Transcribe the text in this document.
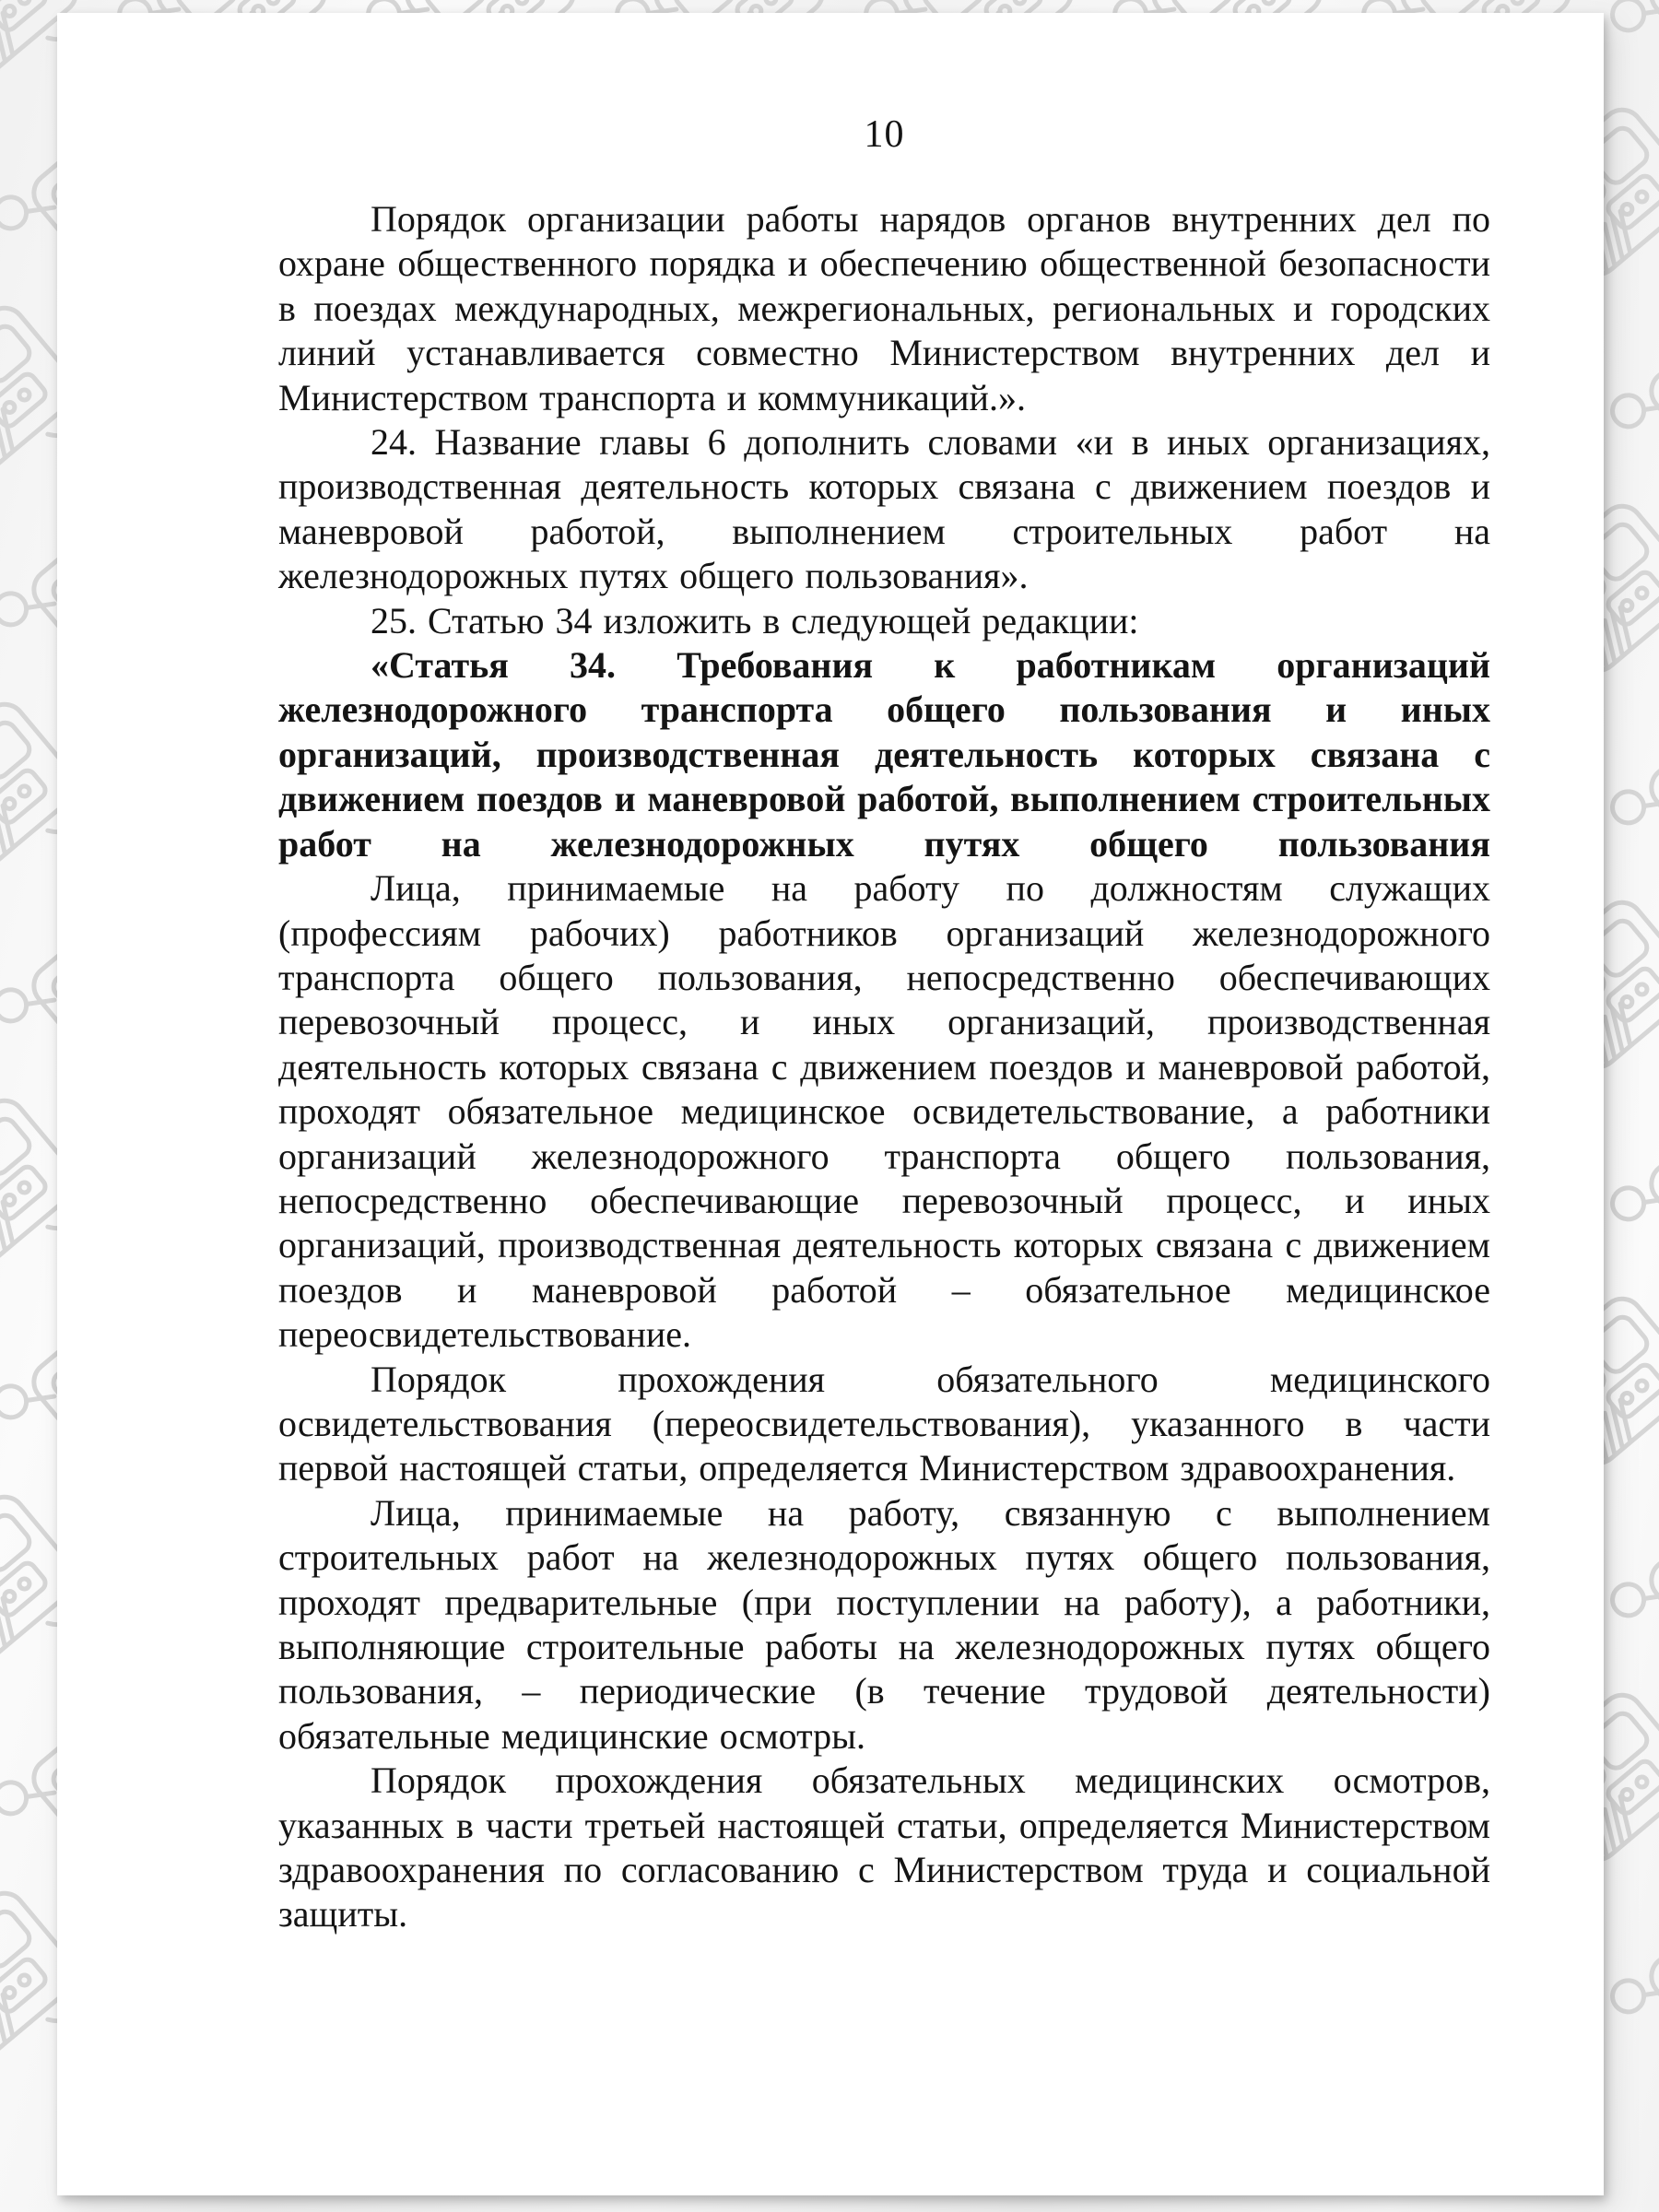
10

Порядок организации работы нарядов органов внутренних дел по охране общественного порядка и обеспечению общественной безопасности в поездах международных, межрегиональных, региональных и городских линий устанавливается совместно Министерством внутренних дел и Министерством транспорта и коммуникаций.».

24. Название главы 6 дополнить словами «и в иных организациях, производственная деятельность которых связана с движением поездов и маневровой работой, выполнением строительных работ на железнодорожных путях общего пользования».

25. Статью 34 изложить в следующей редакции:

«Статья 34. Требования к работникам организаций железнодорожного транспорта общего пользования и иных организаций, производственная деятельность которых связана с движением поездов и маневровой работой, выполнением строительных работ на железнодорожных путях общего пользования

Лица, принимаемые на работу по должностям служащих (профессиям рабочих) работников организаций железнодорожного транспорта общего пользования, непосредственно обеспечивающих перевозочный процесс, и иных организаций, производственная деятельность которых связана с движением поездов и маневровой работой, проходят обязательное медицинское освидетельствование, а работники организаций железнодорожного транспорта общего пользования, непосредственно обеспечивающие перевозочный процесс, и иных организаций, производственная деятельность которых связана с движением поездов и маневровой работой – обязательное медицинское переосвидетельствование.

Порядок прохождения обязательного медицинского освидетельствования (переосвидетельствования), указанного в части первой настоящей статьи, определяется Министерством здравоохранения.

Лица, принимаемые на работу, связанную с выполнением строительных работ на железнодорожных путях общего пользования, проходят предварительные (при поступлении на работу), а работники, выполняющие строительные работы на железнодорожных путях общего пользования, – периодические (в течение трудовой деятельности) обязательные медицинские осмотры.

Порядок прохождения обязательных медицинских осмотров, указанных в части третьей настоящей статьи, определяется Министерством здравоохранения по согласованию с Министерством труда и социальной защиты.
